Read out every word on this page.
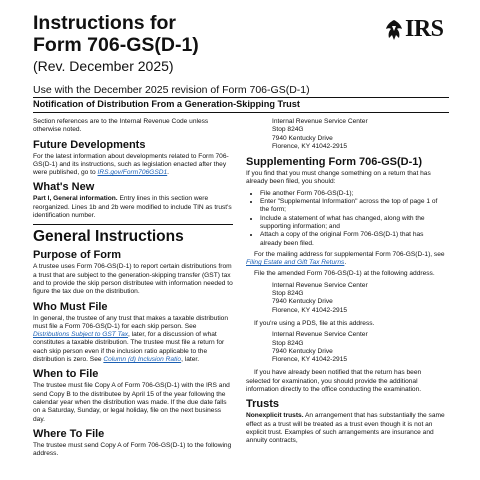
Instructions for
Form 706-GS(D-1)
(Rev. December 2025)
IRS
Use with the December 2025 revision of Form 706-GS(D-1)
Notification of Distribution From a Generation-Skipping Trust

Section references are to the Internal Revenue Code unless otherwise noted.

Future Developments

For the latest information about developments related to Form 706-GS(D-1) and its instructions, such as legislation enacted after they were published, go to IRS.gov/Form706GSD1.

What's New

Part I, General information. Entry lines in this section were reorganized. Lines 1b and 2b were modified to include TIN as trust's identification number.

General Instructions
Purpose of Form

A trustee uses Form 706-GS(D-1) to report certain distributions from a trust that are subject to the generation-skipping transfer (GST) tax and to provide the skip person distributee with information needed to figure the tax due on the distribution.

Who Must File

In general, the trustee of any trust that makes a taxable distribution must file a Form 706-GS(D-1) for each skip person. See Distributions Subject to GST Tax, later, for a discussion of what constitutes a taxable distribution. The trustee must file a return for each skip person even if the inclusion ratio applicable to the distribution is zero. See Column (d) Inclusion Ratio, later.

When to File

The trustee must file Copy A of Form 706-GS(D-1) with the IRS and send Copy B to the distributee by April 15 of the year following the calendar year when the distribution was made. If the due date falls on a Saturday, Sunday, or legal holiday, file on the next business day.

Where To File

The trustee must send Copy A of Form 706-GS(D-1) to the following address.

Internal Revenue Service Center
Stop 824G
7940 Kentucky Drive
Florence, KY 41042-2915
Supplementing Form 706-GS(D-1)

If you find that you must change something on a return that has already been filed, you should:

• File another Form 706-GS(D-1);
• Enter "Supplemental Information" across the top of page 1 of the form;
• Include a statement of what has changed, along with the supporting information; and
• Attach a copy of the original Form 706-GS(D-1) that has already been filed.

For the mailing address for supplemental Form 706-GS(D-1), see Filing Estate and Gift Tax Returns.

File the amended Form 706-GS(D-1) at the following address.

Internal Revenue Service Center
Stop 824G
7940 Kentucky Drive
Florence, KY 41042-2915

If you're using a PDS, file at this address.

Internal Revenue Service Center
Stop 824G
7940 Kentucky Drive
Florence, KY 41042-2915

If you have already been notified that the return has been selected for examination, you should provide the additional information directly to the office conducting the examination.

Trusts

Nonexplicit trusts. An arrangement that has substantially the same effect as a trust will be treated as a trust even though it is not an explicit trust. Examples of such arrangements are insurance and annuity contracts,
